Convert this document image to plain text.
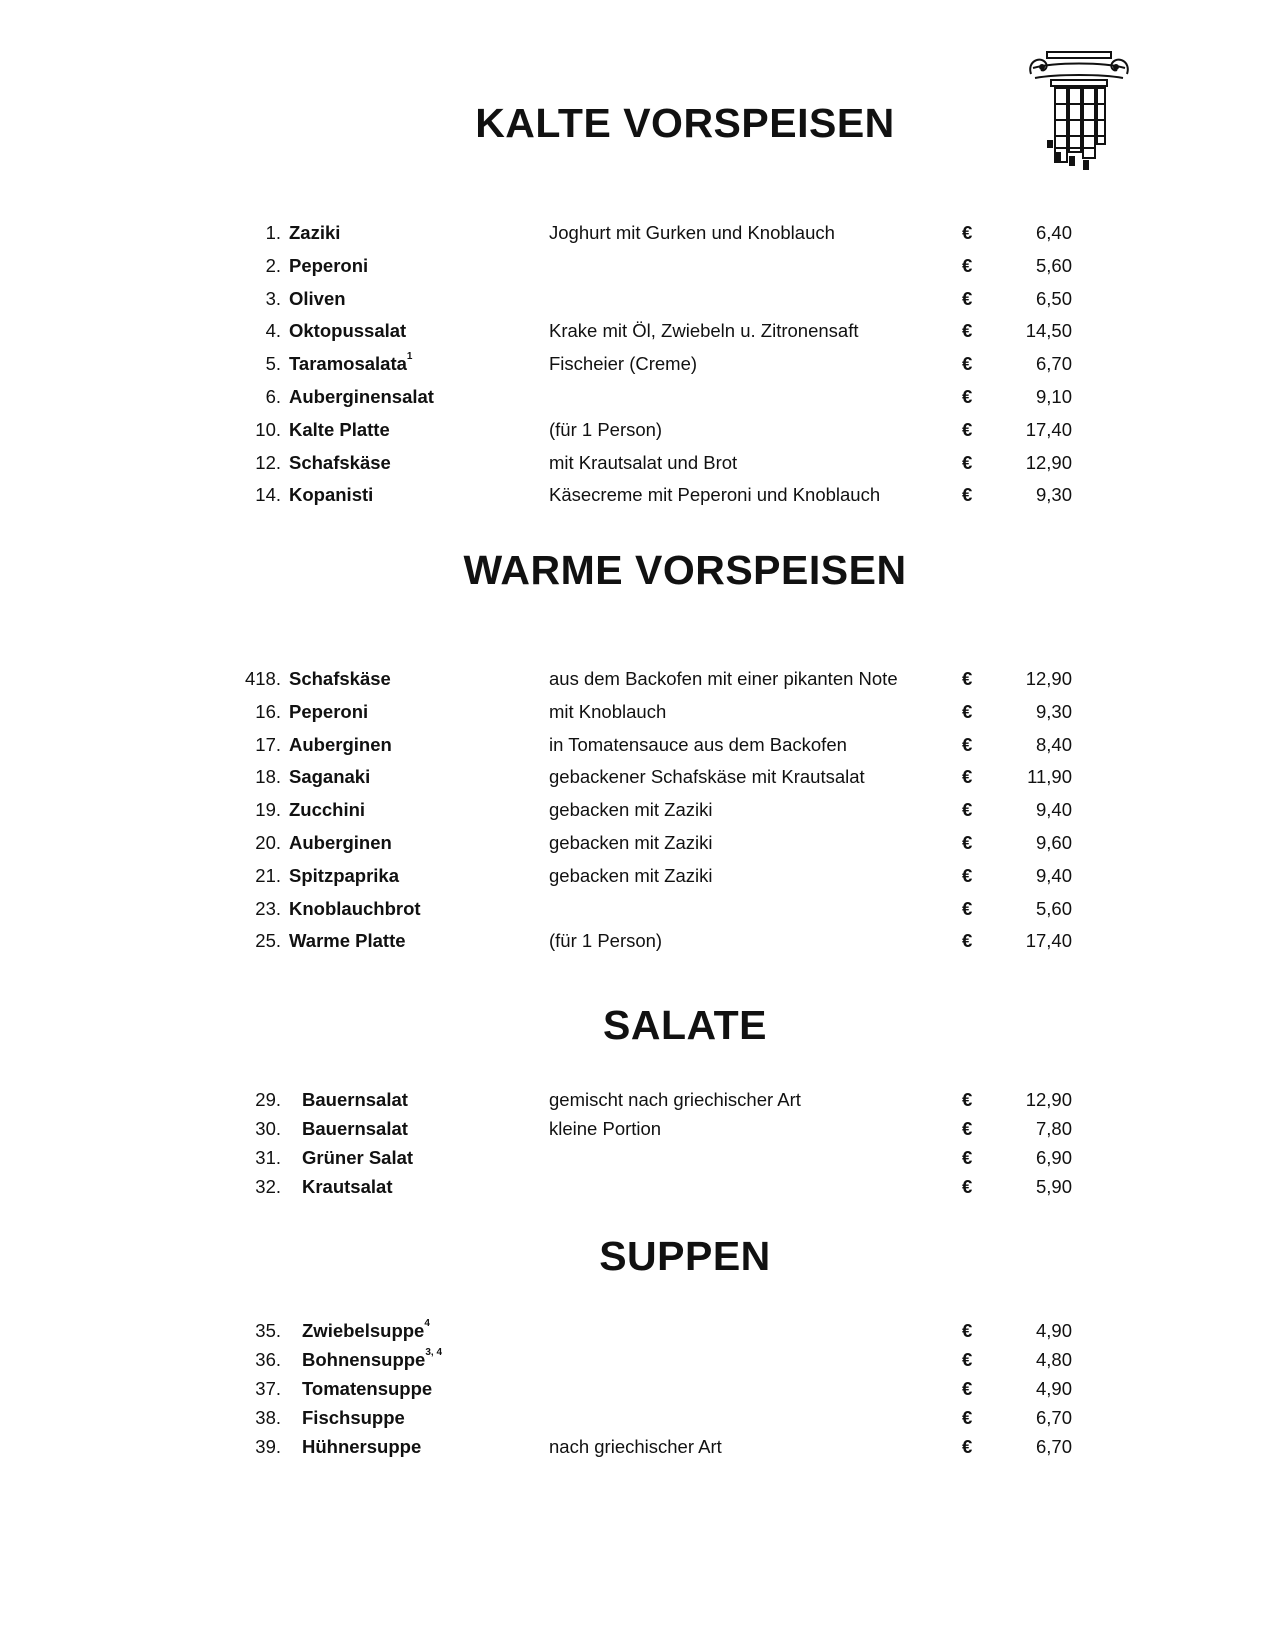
KALTE VORSPEISEN
1. Zaziki	Joghurt mit Gurken und Knoblauch	€	6,40
2. Peperoni	€	5,60
3. Oliven	€	6,50
4. Oktopussalat	Krake mit Öl, Zwiebeln u. Zitronensaft	€	14,50
5. Taramosalata$^1$	Fischeier (Creme)	€	6,70
6. Auberginensalat	€	9,10
10. Kalte Platte	(für 1 Person)	€	17,40
12. Schafskäse	mit Krautsalat und Brot	€	12,90
14. Kopanisti	Käsecreme mit Peperoni und Knoblauch	€	9,30
WARME VORSPEISEN
418. Schafskäse	aus dem Backofen mit einer pikanten Note	€	12,90
16. Peperoni	mit Knoblauch	€	9,30
17. Auberginen	in Tomatensauce aus dem Backofen	€	8,40
18. Saganaki	gebackener Schafskäse mit Krautsalat	€	11,90
19. Zucchini	gebacken mit Zaziki	€	9,40
20. Auberginen	gebacken mit Zaziki	€	9,60
21. Spitzpaprika	gebacken mit Zaziki	€	9,40
23. Knoblauchbrot	€	5,60
25. Warme Platte	(für 1 Person)	€	17,40
SALATE
29. Bauernsalat	gemischt nach griechischer Art	€	12,90
30. Bauernsalat	kleine Portion	€	7,80
31. Grüner Salat	€	6,90
32. Krautsalat	€	5,90
SUPPEN
35. Zwiebelsuppe$^4$	€	4,90
36. Bohnensuppe$^{3, 4}$	€	4,80
37. Tomatensuppe	€	4,90
38. Fischsuppe	€	6,70
39. Hühnersuppe	nach griechischer Art	€	6,70
